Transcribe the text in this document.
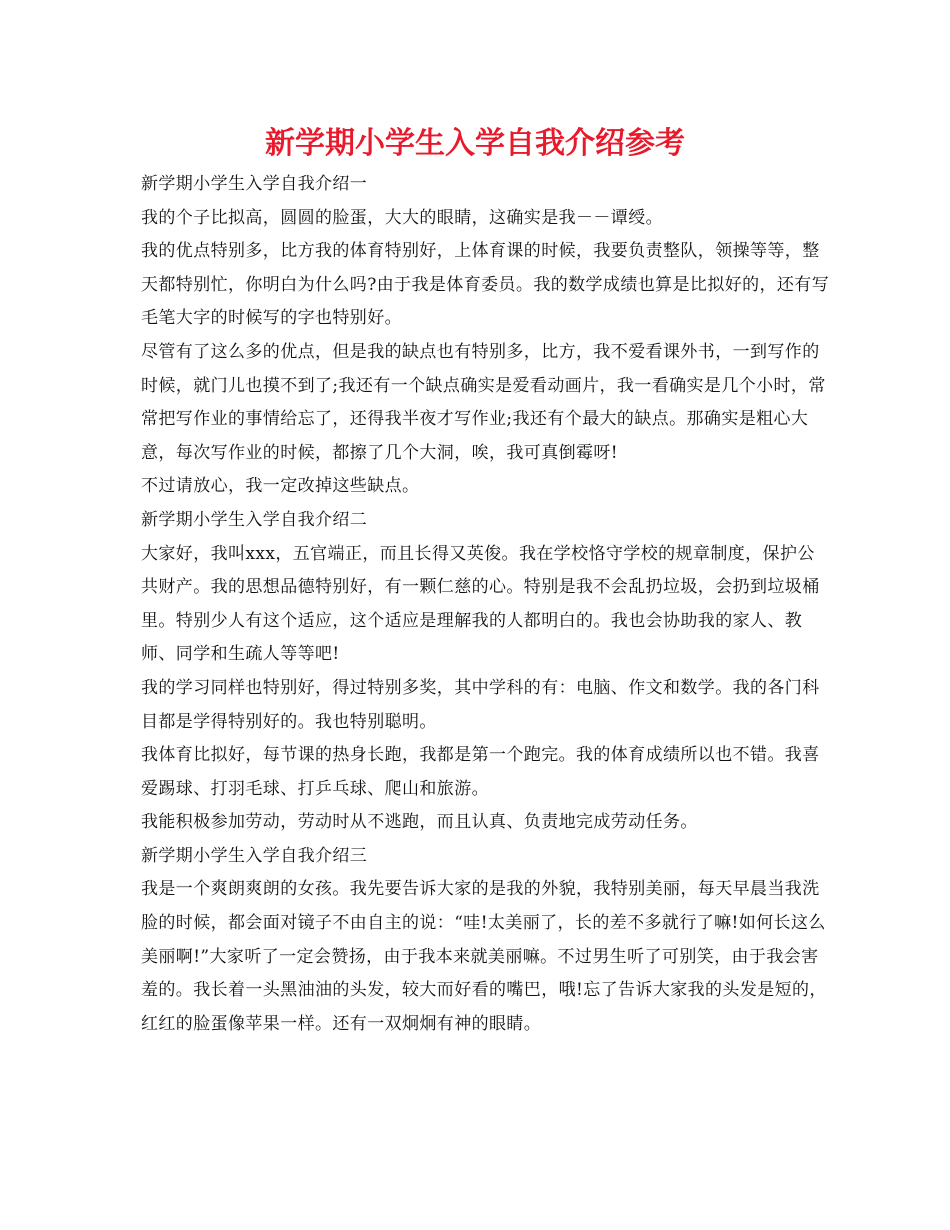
新学期小学生入学自我介绍参考

新学期小学生入学自我介绍一

我的个子比拟高，圆圆的脸蛋，大大的眼睛，这确实是我－－谭绶。

我的优点特别多，比方我的体育特别好，上体育课的时候，我要负责整队，领操等等，整天都特别忙，你明白为什么吗?由于我是体育委员。我的数学成绩也算是比拟好的，还有写毛笔大字的时候写的字也特别好。

尽管有了这么多的优点，但是我的缺点也有特别多，比方，我不爱看课外书，一到写作的时候，就门儿也摸不到了;我还有一个缺点确实是爱看动画片，我一看确实是几个小时，常常把写作业的事情给忘了，还得我半夜才写作业;我还有个最大的缺点。那确实是粗心大意，每次写作业的时候，都擦了几个大洞，唉，我可真倒霉呀!

不过请放心，我一定改掉这些缺点。

新学期小学生入学自我介绍二

大家好，我叫xxx，五官端正，而且长得又英俊。我在学校恪守学校的规章制度，保护公共财产。我的思想品德特别好，有一颗仁慈的心。特别是我不会乱扔垃圾，会扔到垃圾桶里。特别少人有这个适应，这个适应是理解我的人都明白的。我也会协助我的家人、教师、同学和生疏人等等吧!

我的学习同样也特别好，得过特别多奖，其中学科的有：电脑、作文和数学。我的各门科目都是学得特别好的。我也特别聪明。

我体育比拟好，每节课的热身长跑，我都是第一个跑完。我的体育成绩所以也不错。我喜爱踢球、打羽毛球、打乒乓球、爬山和旅游。

我能积极参加劳动，劳动时从不逃跑，而且认真、负责地完成劳动任务。

新学期小学生入学自我介绍三

我是一个爽朗爽朗的女孩。我先要告诉大家的是我的外貌，我特别美丽，每天早晨当我洗脸的时候，都会面对镜子不由自主的说：“哇!太美丽了，长的差不多就行了嘛!如何长这么美丽啊!”大家听了一定会赞扬，由于我本来就美丽嘛。不过男生听了可别笑，由于我会害羞的。我长着一头黑油油的头发，较大而好看的嘴巴，哦!忘了告诉大家我的头发是短的，红红的脸蛋像苹果一样。还有一双炯炯有神的眼睛。
